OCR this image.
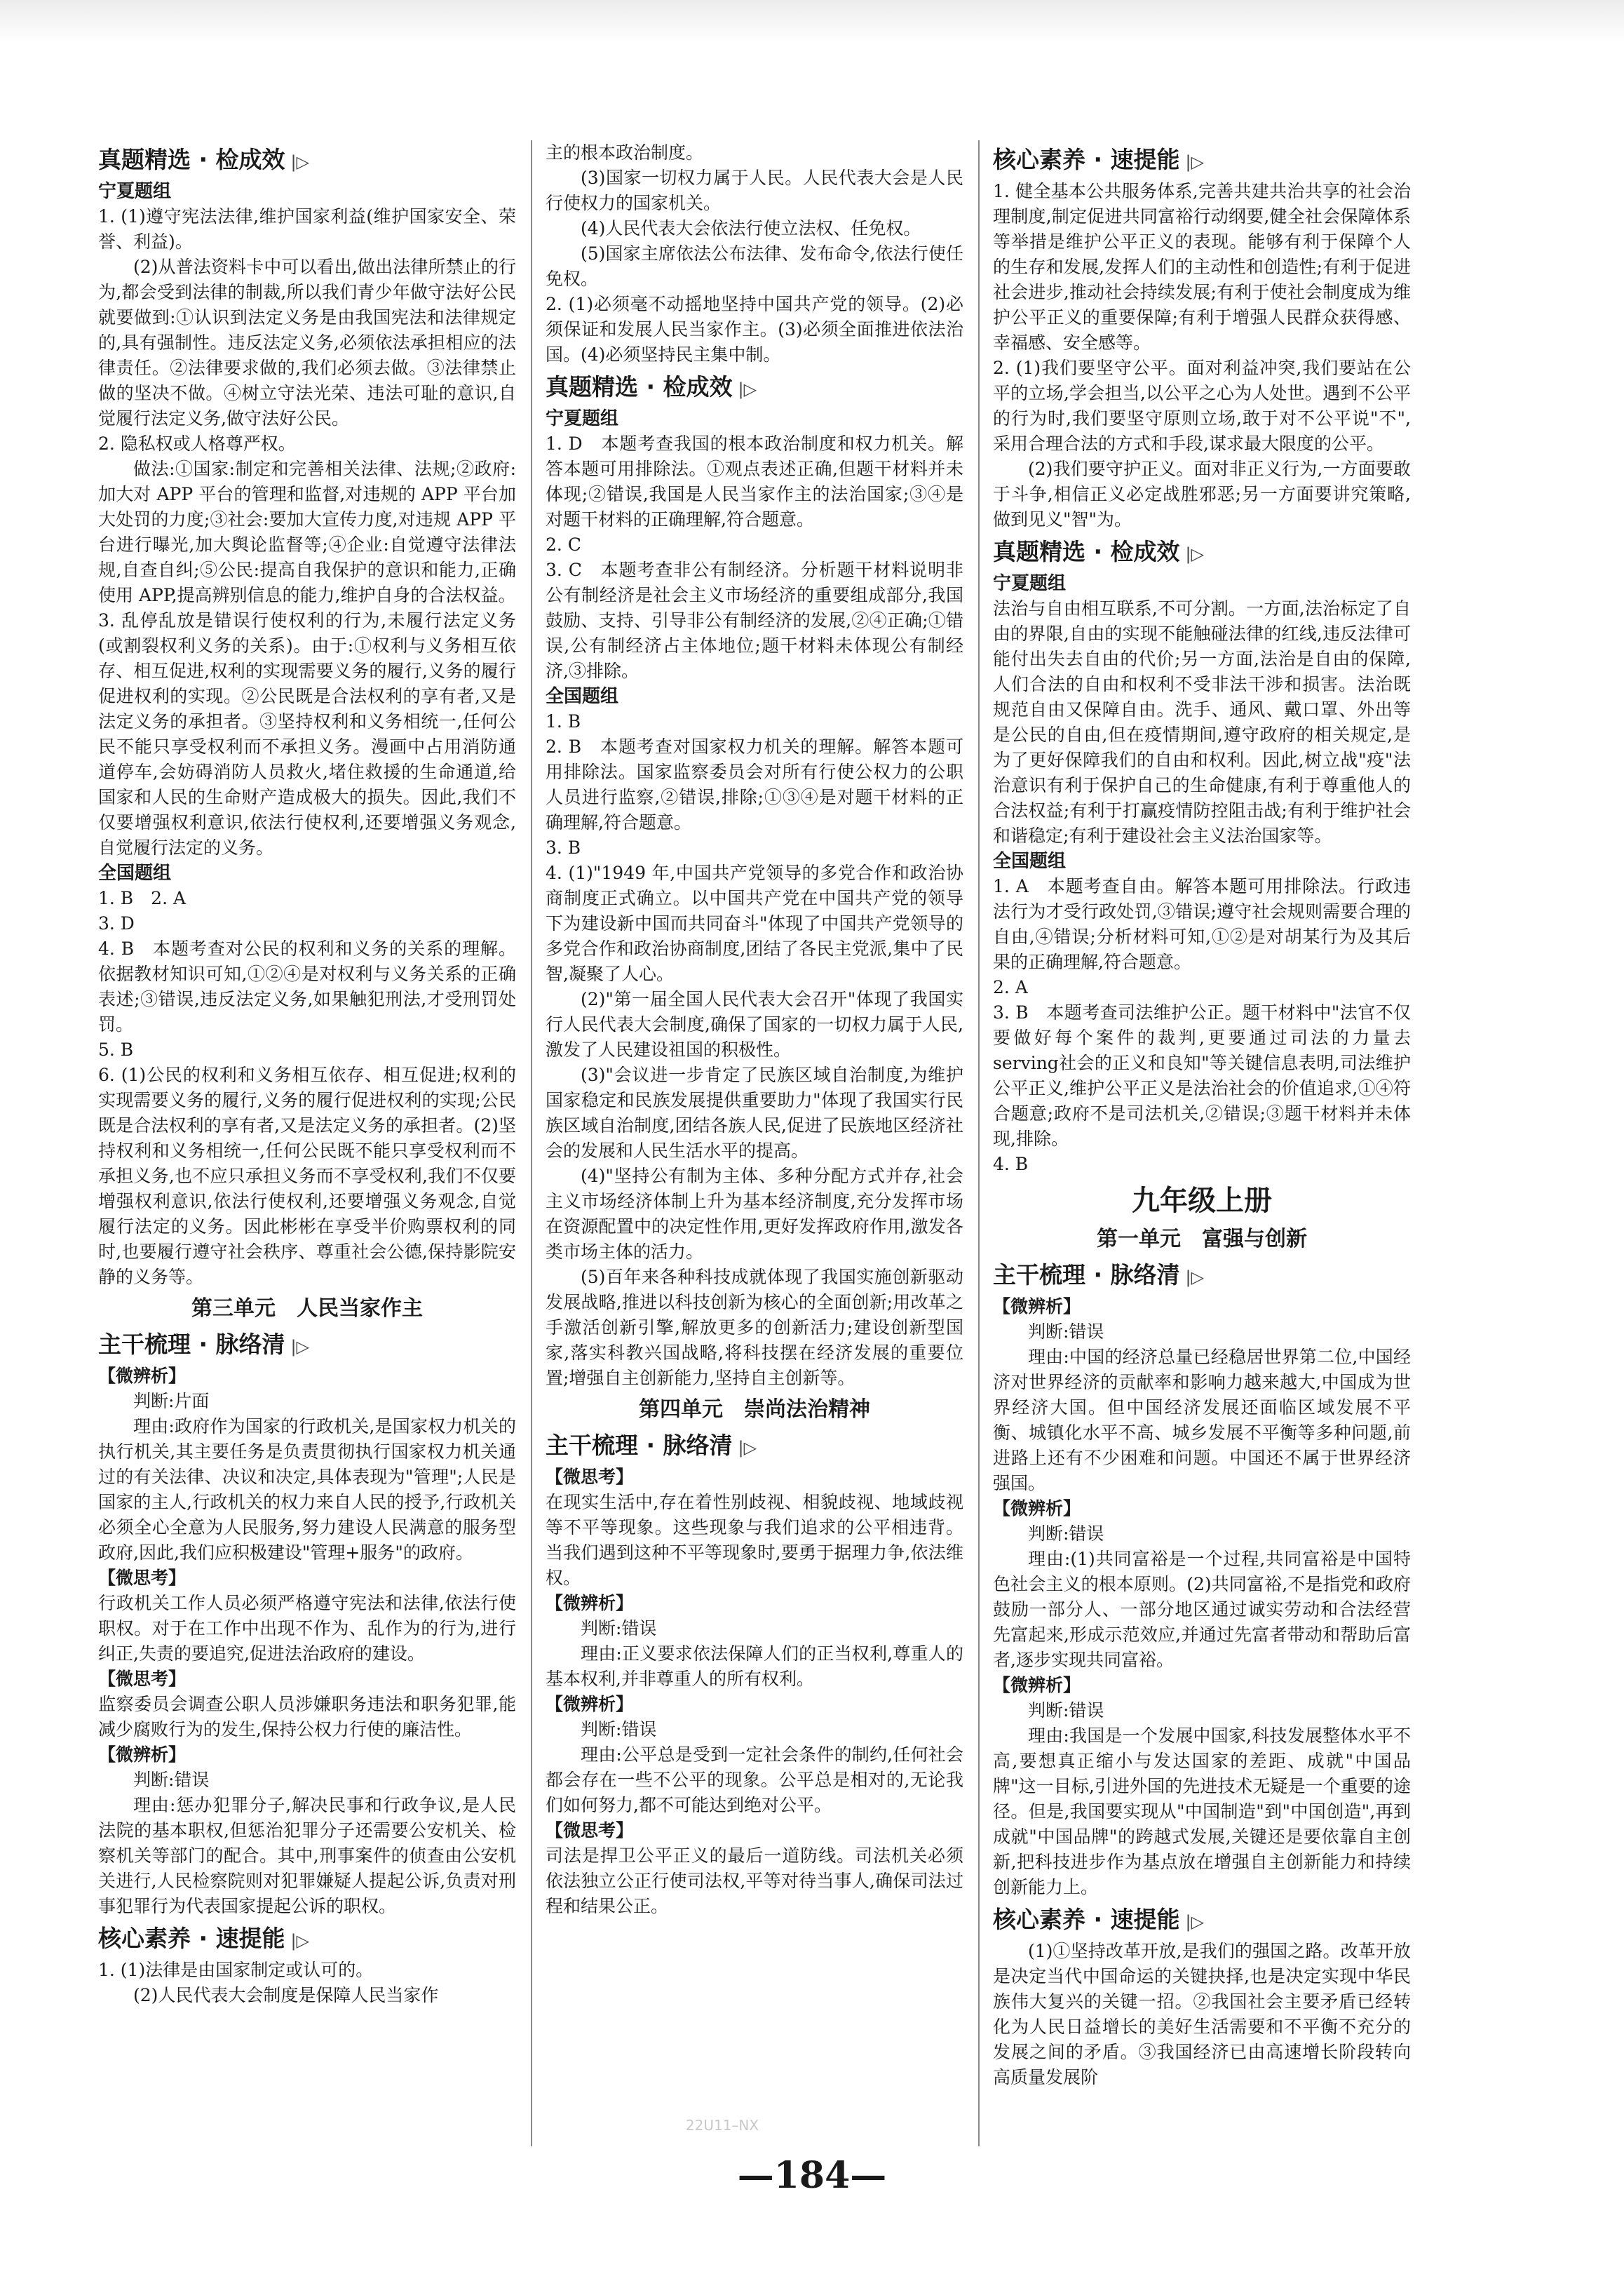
真题精选 · 检成效 |▷
宁夏题组
1. (1)遵守宪法法律,维护国家利益(维护国家安全、荣誉、利益)。
(2)从普法资料卡中可以看出,做出法律所禁止的行为,都会受到法律的制裁,所以我们青少年做守法好公民就要做到:①认识到法定义务是由我国宪法和法律规定的,具有强制性。违反法定义务,必须依法承担相应的法律责任。②法律要求做的,我们必须去做。③法律禁止做的坚决不做。④树立守法光荣、违法可耻的意识,自觉履行法定义务,做守法好公民。
2. 隐私权或人格尊严权。
做法:①国家:制定和完善相关法律、法规;②政府:加大对 APP 平台的管理和监督,对违规的 APP 平台加大处罚的力度;③社会:要加大宣传力度,对违规 APP 平台进行曝光,加大舆论监督等;④企业:自觉遵守法律法规,自查自纠;⑤公民:提高自我保护的意识和能力,正确使用 APP,提高辨别信息的能力,维护自身的合法权益。
3. 乱停乱放是错误行使权利的行为,未履行法定义务(或割裂权利义务的关系)。由于:①权利与义务相互依存、相互促进,权利的实现需要义务的履行,义务的履行促进权利的实现。②公民既是合法权利的享有者,又是法定义务的承担者。③坚持权利和义务相统一,任何公民不能只享受权利而不承担义务。漫画中占用消防通道停车,会妨碍消防人员救火,堵住救援的生命通道,给国家和人民的生命财产造成极大的损失。因此,我们不仅要增强权利意识,依法行使权利,还要增强义务观念,自觉履行法定的义务。
全国题组
1. B　2. A
3. D
4. B　本题考查对公民的权利和义务的关系的理解。依据教材知识可知,①②④是对权利与义务关系的正确表述;③错误,违反法定义务,如果触犯刑法,才受刑罚处罚。
5. B
6. (1)公民的权利和义务相互依存、相互促进;权利的实现需要义务的履行,义务的履行促进权利的实现;公民既是合法权利的享有者,又是法定义务的承担者。(2)坚持权利和义务相统一,任何公民既不能只享受权利而不承担义务,也不应只承担义务而不享受权利,我们不仅要增强权利意识,依法行使权利,还要增强义务观念,自觉履行法定的义务。因此彬彬在享受半价购票权利的同时,也要履行遵守社会秩序、尊重社会公德,保持影院安静的义务等。
第三单元　人民当家作主
主干梳理 · 脉络清 |▷
【微辨析】
判断:片面
理由:政府作为国家的行政机关,是国家权力机关的执行机关,其主要任务是负责贯彻执行国家权力机关通过的有关法律、决议和决定,具体表现为"管理";人民是国家的主人,行政机关的权力来自人民的授予,行政机关必须全心全意为人民服务,努力建设人民满意的服务型政府,因此,我们应积极建设"管理+服务"的政府。
【微思考】
行政机关工作人员必须严格遵守宪法和法律,依法行使职权。对于在工作中出现不作为、乱作为的行为,进行纠正,失责的要追究,促进法治政府的建设。
【微思考】
监察委员会调查公职人员涉嫌职务违法和职务犯罪,能减少腐败行为的发生,保持公权力行使的廉洁性。
【微辨析】
判断:错误
理由:惩办犯罪分子,解决民事和行政争议,是人民法院的基本职权,但惩治犯罪分子还需要公安机关、检察机关等部门的配合。其中,刑事案件的侦查由公安机关进行,人民检察院则对犯罪嫌疑人提起公诉,负责对刑事犯罪行为代表国家提起公诉的职权。
核心素养 · 速提能 |▷
1. (1)法律是由国家制定或认可的。
(2)人民代表大会制度是保障人民当家作
主的根本政治制度。
(3)国家一切权力属于人民。人民代表大会是人民行使权力的国家机关。
(4)人民代表大会依法行使立法权、任免权。
(5)国家主席依法公布法律、发布命令,依法行使任免权。
2. (1)必须毫不动摇地坚持中国共产党的领导。(2)必须保证和发展人民当家作主。(3)必须全面推进依法治国。(4)必须坚持民主集中制。
真题精选 · 检成效 |▷
宁夏题组
1. D　本题考查我国的根本政治制度和权力机关。解答本题可用排除法。①观点表述正确,但题干材料并未体现;②错误,我国是人民当家作主的法治国家;③④是对题干材料的正确理解,符合题意。
2. C
3. C　本题考查非公有制经济。分析题干材料说明非公有制经济是社会主义市场经济的重要组成部分,我国鼓励、支持、引导非公有制经济的发展,②④正确;①错误,公有制经济占主体地位;题干材料未体现公有制经济,③排除。
全国题组
1. B
2. B　本题考查对国家权力机关的理解。解答本题可用排除法。国家监察委员会对所有行使公权力的公职人员进行监察,②错误,排除;①③④是对题干材料的正确理解,符合题意。
3. B
4. (1)"1949 年,中国共产党领导的多党合作和政治协商制度正式确立。以中国共产党在中国共产党的领导下为建设新中国而共同奋斗"体现了中国共产党领导的多党合作和政治协商制度,团结了各民主党派,集中了民智,凝聚了人心。
(2)"第一届全国人民代表大会召开"体现了我国实行人民代表大会制度,确保了国家的一切权力属于人民,激发了人民建设祖国的积极性。
(3)"会议进一步肯定了民族区域自治制度,为维护国家稳定和民族发展提供重要助力"体现了我国实行民族区域自治制度,团结各族人民,促进了民族地区经济社会的发展和人民生活水平的提高。
(4)"坚持公有制为主体、多种分配方式并存,社会主义市场经济体制上升为基本经济制度,充分发挥市场在资源配置中的决定性作用,更好发挥政府作用,激发各类市场主体的活力。
(5)百年来各种科技成就体现了我国实施创新驱动发展战略,推进以科技创新为核心的全面创新;用改革之手激活创新引擎,解放更多的创新活力;建设创新型国家,落实科教兴国战略,将科技摆在经济发展的重要位置;增强自主创新能力,坚持自主创新等。
第四单元　崇尚法治精神
主干梳理 · 脉络清 |▷
【微思考】
在现实生活中,存在着性别歧视、相貌歧视、地域歧视等不平等现象。这些现象与我们追求的公平相违背。当我们遇到这种不平等现象时,要勇于据理力争,依法维权。
【微辨析】
判断:错误
理由:正义要求依法保障人们的正当权利,尊重人的基本权利,并非尊重人的所有权利。
【微辨析】
判断:错误
理由:公平总是受到一定社会条件的制约,任何社会都会存在一些不公平的现象。公平总是相对的,无论我们如何努力,都不可能达到绝对公平。
【微思考】
司法是捍卫公平正义的最后一道防线。司法机关必须依法独立公正行使司法权,平等对待当事人,确保司法过程和结果公正。
核心素养 · 速提能 |▷
1. 健全基本公共服务体系,完善共建共治共享的社会治理制度,制定促进共同富裕行动纲要,健全社会保障体系等举措是维护公平正义的表现。能够有利于保障个人的生存和发展,发挥人们的主动性和创造性;有利于促进社会进步,推动社会持续发展;有利于使社会制度成为维护公平正义的重要保障;有利于增强人民群众获得感、幸福感、安全感等。
2. (1)我们要坚守公平。面对利益冲突,我们要站在公平的立场,学会担当,以公平之心为人处世。遇到不公平的行为时,我们要坚守原则立场,敢于对不公平说"不",采用合理合法的方式和手段,谋求最大限度的公平。
(2)我们要守护正义。面对非正义行为,一方面要敢于斗争,相信正义必定战胜邪恶;另一方面要讲究策略,做到见义"智"为。
真题精选 · 检成效 |▷
宁夏题组
法治与自由相互联系,不可分割。一方面,法治标定了自由的界限,自由的实现不能触碰法律的红线,违反法律可能付出失去自由的代价;另一方面,法治是自由的保障,人们合法的自由和权利不受非法干涉和损害。法治既规范自由又保障自由。洗手、通风、戴口罩、外出等是公民的自由,但在疫情期间,遵守政府的相关规定,是为了更好保障我们的自由和权利。因此,树立战"疫"法治意识有利于保护自己的生命健康,有利于尊重他人的合法权益;有利于打赢疫情防控阻击战;有利于维护社会和谐稳定;有利于建设社会主义法治国家等。
全国题组
1. A　本题考查自由。解答本题可用排除法。行政违法行为才受行政处罚,③错误;遵守社会规则需要合理的自由,④错误;分析材料可知,①②是对胡某行为及其后果的正确理解,符合题意。
2. A
3. B　本题考查司法维护公正。题干材料中"法官不仅要做好每个案件的裁判,更要通过司法的力量去serving社会的正义和良知"等关键信息表明,司法维护公平正义,维护公平正义是法治社会的价值追求,①④符合题意;政府不是司法机关,②错误;③题干材料并未体现,排除。
4. B
九年级上册
第一单元　富强与创新
主干梳理 · 脉络清 |▷
【微辨析】
判断:错误
理由:中国的经济总量已经稳居世界第二位,中国经济对世界经济的贡献率和影响力越来越大,中国成为世界经济大国。但中国经济发展还面临区域发展不平衡、城镇化水平不高、城乡发展不平衡等多种问题,前进路上还有不少困难和问题。中国还不属于世界经济强国。
【微辨析】
判断:错误
理由:(1)共同富裕是一个过程,共同富裕是中国特色社会主义的根本原则。(2)共同富裕,不是指党和政府鼓励一部分人、一部分地区通过诚实劳动和合法经营先富起来,形成示范效应,并通过先富者带动和帮助后富者,逐步实现共同富裕。
【微辨析】
判断:错误
理由:我国是一个发展中国家,科技发展整体水平不高,要想真正缩小与发达国家的差距、成就"中国品牌"这一目标,引进外国的先进技术无疑是一个重要的途径。但是,我国要实现从"中国制造"到"中国创造",再到成就"中国品牌"的跨越式发展,关键还是要依靠自主创新,把科技进步作为基点放在增强自主创新能力和持续创新能力上。
核心素养 · 速提能 |▷
(1)①坚持改革开放,是我们的强国之路。改革开放是决定当代中国命运的关键抉择,也是决定实现中华民族伟大复兴的关键一招。②我国社会主要矛盾已经转化为人民日益增长的美好生活需要和不平衡不充分的发展之间的矛盾。③我国经济已由高速增长阶段转向高质量发展阶
22U11–NX
—184—
